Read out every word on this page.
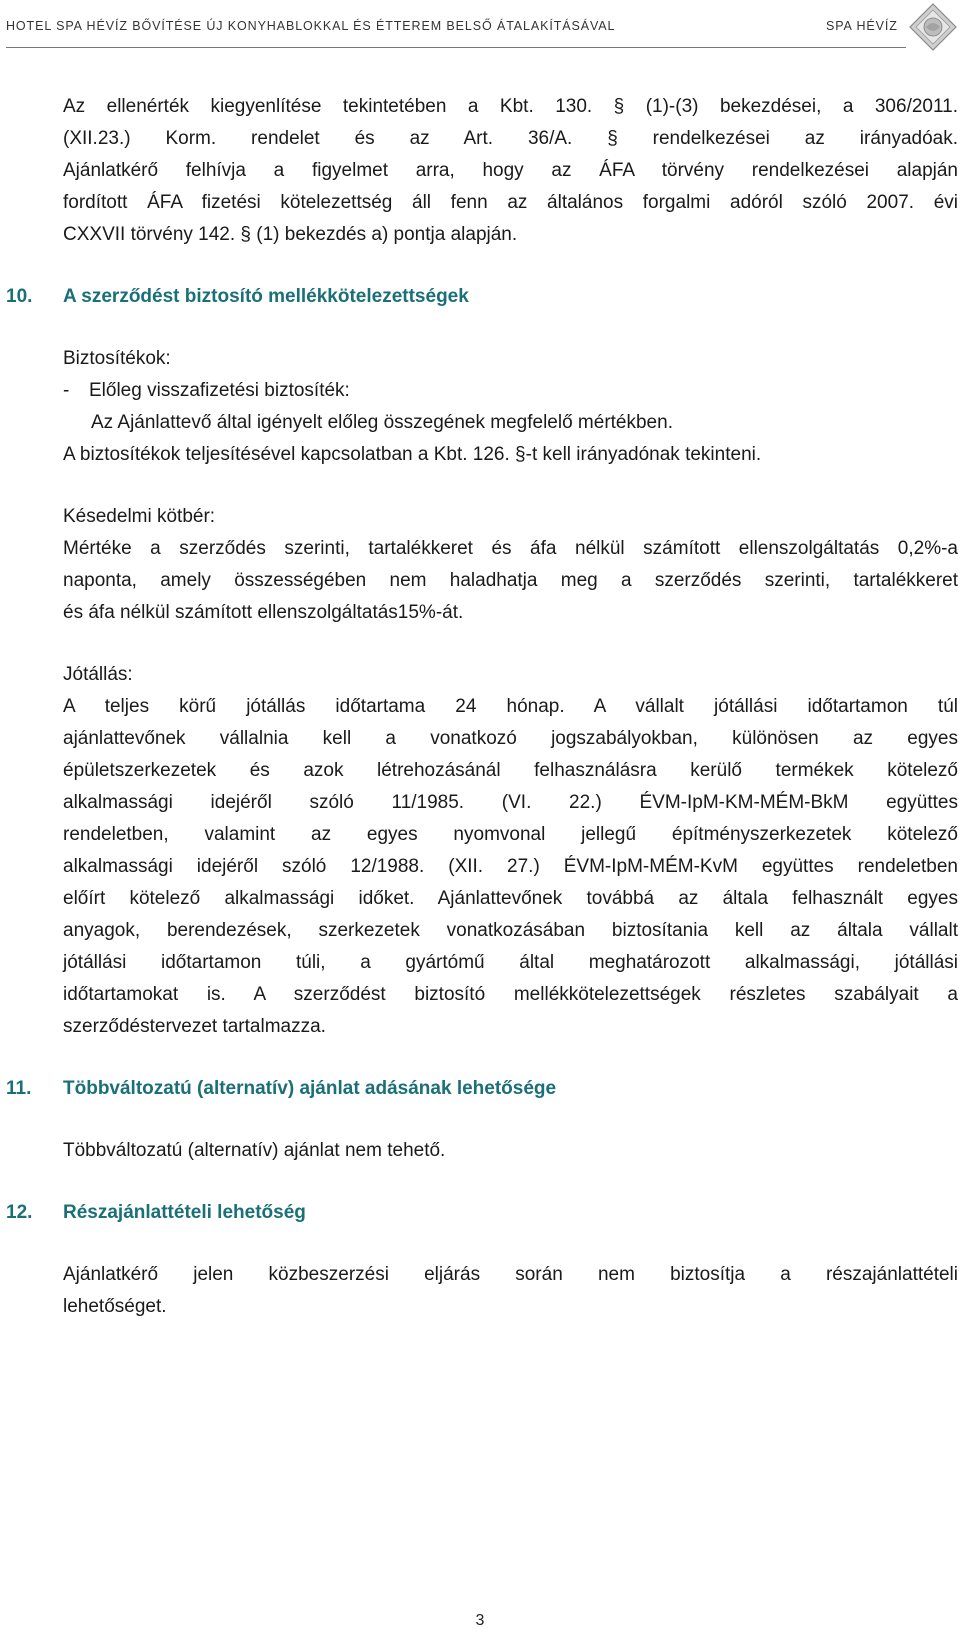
HOTEL SPA HÉVÍZ BŐVÍTÉSE ÚJ KONYHABLOKKAL ÉS ÉTTEREM BELSŐ ÁTALAKÍTÁSÁVAL	SPA HÉVÍZ

Az ellenérték kiegyenlítése tekintetében a Kbt. 130. § (1)-(3) bekezdései, a 306/2011.
(XII.23.) Korm. rendelet és az Art. 36/A. § rendelkezései az irányadóak.
Ajánlatkérő felhívja a figyelmet arra, hogy az ÁFA törvény rendelkezései alapján
fordított ÁFA fizetési kötelezettség áll fenn az általános forgalmi adóról szóló 2007. évi
CXXVII törvény 142. § (1) bekezdés a) pontja alapján.

10. A szerződést biztosító mellékkötelezettségek
Biztosítékok:
-	Előleg visszafizetési biztosíték:
Az Ajánlattevő által igényelt előleg összegének megfelelő mértékben.
A biztosítékok teljesítésével kapcsolatban a Kbt. 126. §-t kell irányadónak tekinteni.
Késedelmi kötbér:

Mértéke a szerződés szerinti, tartalékkeret és áfa nélkül számított ellenszolgáltatás 0,2%-a
naponta, amely összességében nem haladhatja meg a szerződés szerinti, tartalékkeret
és áfa nélkül számított ellenszolgáltatás15%-át.

Jótállás:

A teljes körű jótállás időtartama 24 hónap. A vállalt jótállási időtartamon túl
ajánlattevőnek vállalnia kell a vonatkozó jogszabályokban, különösen az egyes
épületszerkezetek és azok létrehozásánál felhasználásra kerülő termékek kötelező
alkalmassági idejéről szóló 11/1985. (VI. 22.) ÉVM-IpM-KM-MÉM-BkM együttes
rendeletben, valamint az egyes nyomvonal jellegű építményszerkezetek kötelező
alkalmassági idejéről szóló 12/1988. (XII. 27.) ÉVM-IpM-MÉM-KvM együttes rendeletben
előírt kötelező alkalmassági időket. Ajánlattevőnek továbbá az általa felhasznált egyes
anyagok, berendezések, szerkezetek vonatkozásában biztosítania kell az általa vállalt
jótállási időtartamon túli, a gyártómű által meghatározott alkalmassági, jótállási
időtartamokat is. A szerződést biztosító mellékkötelezettségek részletes szabályait a
szerződéstervezet tartalmazza.

11. Többváltozatú (alternatív) ajánlat adásának lehetősége

Többváltozatú (alternatív) ajánlat nem tehető.

12. Részajánlattételi lehetőség

Ajánlatkérő jelen közbeszerzési eljárás során nem biztosítja a részajánlattételi
lehetőséget.

3
